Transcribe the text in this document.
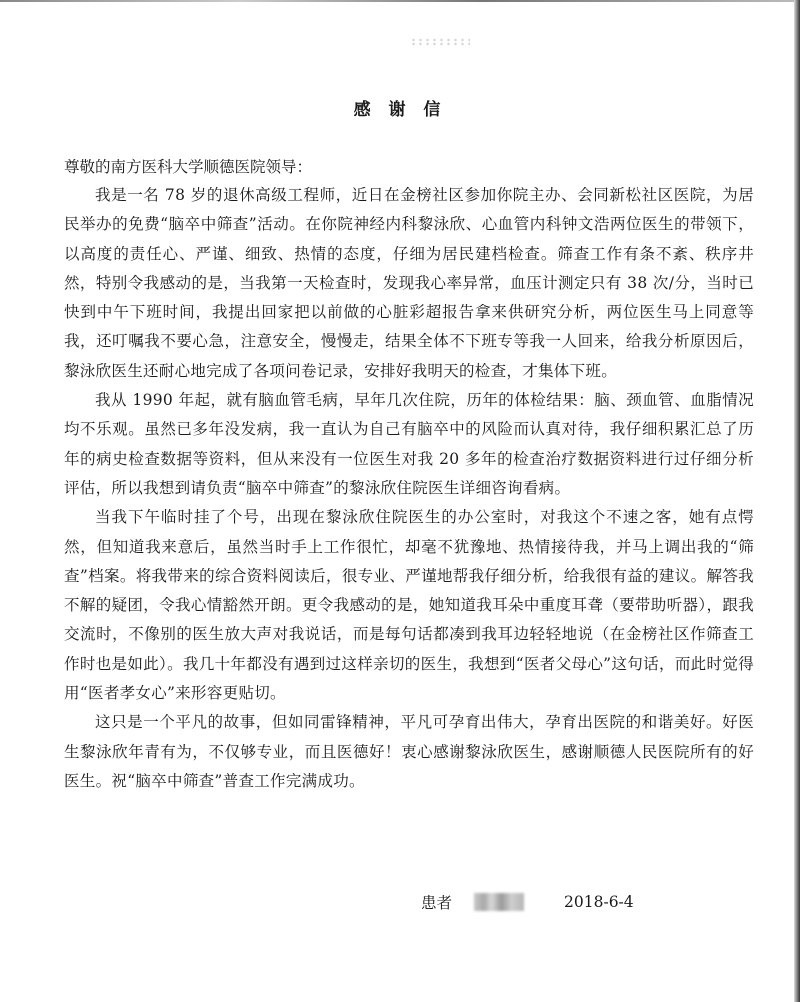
感 谢 信
尊敬的南方医科大学顺德医院领导：

我是一名 78 岁的退休高级工程师，近日在金榜社区参加你院主办、会同新松社区医院，为居民举办的免费“脑卒中筛查”活动。在你院神经内科黎泳欣、心血管内科钟文浩两位医生的带领下，以高度的责任心、严谨、细致、热情的态度，仔细为居民建档检查。筛查工作有条不紊、秩序井然，特别令我感动的是，当我第一天检查时，发现我心率异常，血压计测定只有 38 次/分，当时已快到中午下班时间，我提出回家把以前做的心脏彩超报告拿来供研究分析，两位医生马上同意等我，还叮嘱我不要心急，注意安全，慢慢走，结果全体不下班专等我一人回来，给我分析原因后，黎泳欣医生还耐心地完成了各项问卷记录，安排好我明天的检查，才集体下班。

我从 1990 年起，就有脑血管毛病，早年几次住院，历年的体检结果：脑、颈血管、血脂情况均不乐观。虽然已多年没发病，我一直认为自己有脑卒中的风险而认真对待，我仔细积累汇总了历年的病史检查数据等资料，但从来没有一位医生对我 20 多年的检查治疗数据资料进行过仔细分析评估，所以我想到请负责“脑卒中筛查”的黎泳欣住院医生详细咨询看病。

当我下午临时挂了个号，出现在黎泳欣住院医生的办公室时，对我这个不速之客，她有点愕然，但知道我来意后，虽然当时手上工作很忙，却毫不犹豫地、热情接待我，并马上调出我的“筛查”档案。将我带来的综合资料阅读后，很专业、严谨地帮我仔细分析，给我很有益的建议。解答我不解的疑团，令我心情豁然开朗。更令我感动的是，她知道我耳朵中重度耳聋（要带助听器），跟我交流时，不像别的医生放大声对我说话，而是每句话都凑到我耳边轻轻地说（在金榜社区作筛查工作时也是如此）。我几十年都没有遇到过这样亲切的医生，我想到“医者父母心”这句话，而此时觉得用“医者孝女心”来形容更贴切。

这只是一个平凡的故事，但如同雷锋精神，平凡可孕育出伟大，孕育出医院的和谐美好。好医生黎泳欣年青有为，不仅够专业，而且医德好！衷心感谢黎泳欣医生，感谢顺德人民医院所有的好医生。祝“脑卒中筛查”普查工作完满成功。

患者	2018-6-4
